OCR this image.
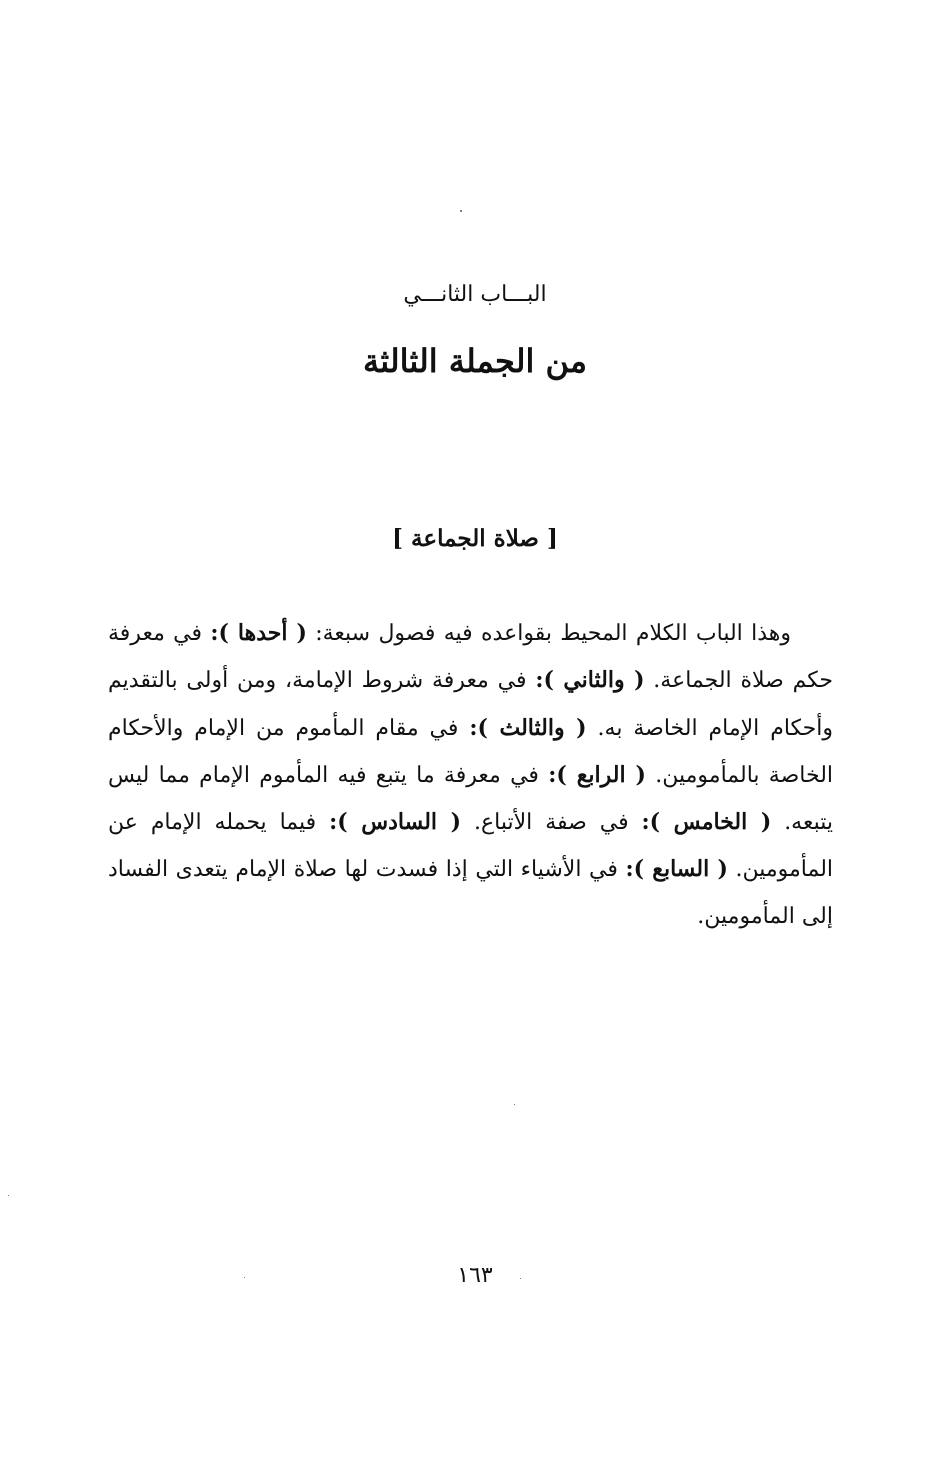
البـــاب الثانـــي
من الجملة الثالثة
[ صلاة الجماعة ]

وهذا الباب الكلام المحيط بقواعده فيه فصول سبعة: ( أحدها ): في معرفة حكم صلاة الجماعة. ( والثاني ): في معرفة شروط الإمامة، ومن أولى بالتقديم وأحكام الإمام الخاصة به. ( والثالث ): في مقام المأموم من الإمام والأحكام الخاصة بالمأمومين. ( الرابع ): في معرفة ما يتبع فيه المأموم الإمام مما ليس يتبعه. ( الخامس ): في صفة الأتباع. ( السادس ): فيما يحمله الإمام عن المأمومين. ( السابع ): في الأشياء التي إذا فسدت لها صلاة الإمام يتعدى الفساد إلى المأمومين.

١٦٣
